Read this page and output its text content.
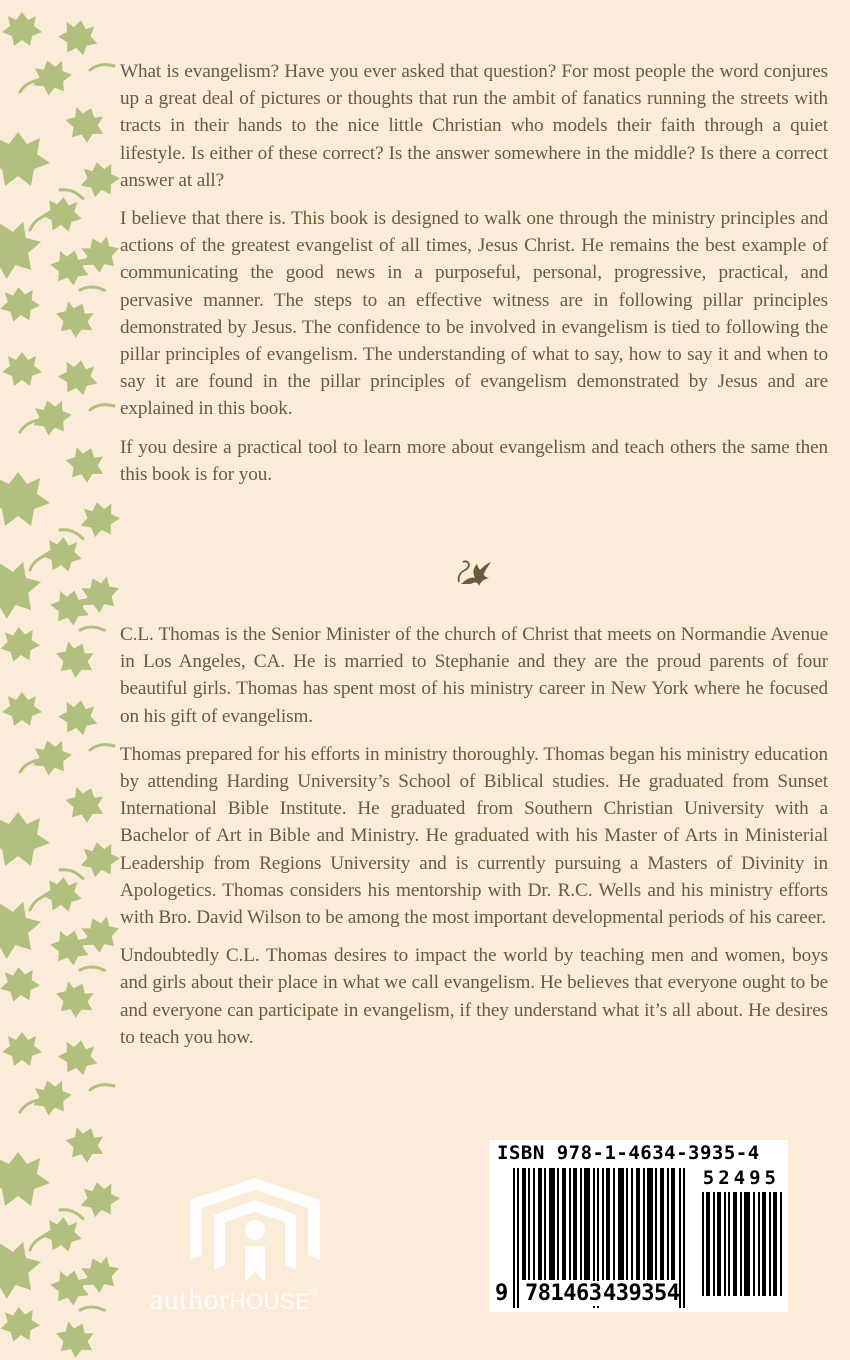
What is evangelism? Have you ever asked that question? For most people the word conjures up a great deal of pictures or thoughts that run the ambit of fanatics running the streets with tracts in their hands to the nice little Christian who models their faith through a quiet lifestyle. Is either of these correct? Is the answer somewhere in the middle? Is there a correct answer at all?

I believe that there is. This book is designed to walk one through the ministry principles and actions of the greatest evangelist of all times, Jesus Christ. He remains the best example of communicating the good news in a purposeful, personal, progressive, practical, and pervasive manner. The steps to an effective witness are in following pillar principles demonstrated by Jesus. The confidence to be involved in evangelism is tied to following the pillar principles of evangelism. The understanding of what to say, how to say it and when to say it are found in the pillar principles of evangelism demonstrated by Jesus and are explained in this book.

If you desire a practical tool to learn more about evangelism and teach others the same then this book is for you.

C.L. Thomas is the Senior Minister of the church of Christ that meets on Normandie Avenue in Los Angeles, CA. He is married to Stephanie and they are the proud parents of four beautiful girls. Thomas has spent most of his ministry career in New York where he focused on his gift of evangelism.

Thomas prepared for his efforts in ministry thoroughly. Thomas began his ministry education by attending Harding University’s School of Biblical studies. He graduated from Sunset International Bible Institute. He graduated from Southern Christian University with a Bachelor of Art in Bible and Ministry. He graduated with his Master of Arts in Ministerial Leadership from Regions University and is currently pursuing a Masters of Divinity in Apologetics. Thomas considers his mentorship with Dr. R.C. Wells and his ministry efforts with Bro. David Wilson to be among the most important developmental periods of his career.

Undoubtedly C.L. Thomas desires to impact the world by teaching men and women, boys and girls about their place in what we call evangelism. He believes that everyone ought to be and everyone can participate in evangelism, if they understand what it’s all about. He desires to teach you how.

authorHOUSE®
ISBN 978-1-4634-3935-4
52495
9 781463 439354
